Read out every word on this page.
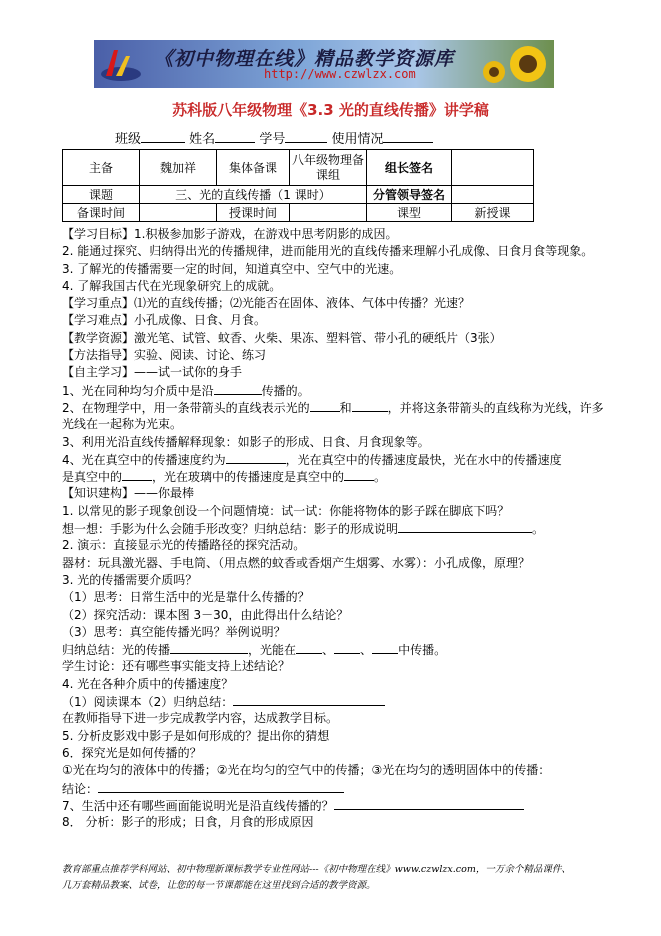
《初中物理在线》精品教学资源库
http://www.czwlzx.com
苏科版八年级物理《3.3 光的直线传播》讲学稿
班级	姓名	学号	使用情况
主备	魏加祥	集体备课	八年级物理备课组	组长签名	
课题	三、光的直线传播（1 课时）			分管领导签名	
备课时间		授课时间		课型	新授课
【学习目标】1.积极参加影子游戏，在游戏中思考阴影的成因。
2. 能通过探究、归纳得出光的传播规律，进而能用光的直线传播来理解小孔成像、日食月食等现象。
3. 了解光的传播需要一定的时间，知道真空中、空气中的光速。
4. 了解我国古代在光现象研究上的成就。
【学习重点】⑴光的直线传播；⑵光能否在固体、液体、气体中传播？光速？
【学习难点】小孔成像、日食、月食。
【教学资源】激光笔、试管、蚊香、火柴、果冻、塑料管、带小孔的硬纸片（3张）
【方法指导】实验、阅读、讨论、练习
【自主学习】——试一试你的身手
1、光在同种均匀介质中是沿	传播的。
2、在物理学中，用一条带箭头的直线表示光的	和	，并将这条带箭头的直线称为光线，许多
光线在一起称为光束。
3、利用光沿直线传播解释现象：如影子的形成、日食、月食现象等。
4、光在真空中的传播速度约为	，光在真空中的传播速度最快，光在水中的传播速度
是真空中的	，光在玻璃中的传播速度是真空中的	。
【知识建构】——你最棒
1. 以常见的影子现象创设一个问题情境：试一试：你能将物体的影子踩在脚底下吗？
想一想：手影为什么会随手形改变？归纳总结：影子的形成说明	。
2. 演示：直接显示光的传播路径的探究活动。
器材：玩具激光器、手电筒、（用点燃的蚊香或香烟产生烟雾、水雾）：小孔成像，原理？
3. 光的传播需要介质吗？
（1）思考：日常生活中的光是靠什么传播的？
（2）探究活动：课本图 3－30，由此得出什么结论？
（3）思考：真空能传播光吗？举例说明？
归纳总结：光的传播	，光能在 、 、 中传播。
学生讨论：还有哪些事实能支持上述结论？
4. 光在各种介质中的传播速度？
（1）阅读课本（2）归纳总结：
在教师指导下进一步完成教学内容，达成教学目标。
5. 分析皮影戏中影子是如何形成的？提出你的猜想
6．探究光是如何传播的？
①光在均匀的液体中的传播；②光在均匀的空气中的传播；③光在均匀的透明固体中的传播：
结论：
7、生活中还有哪些画面能说明光是沿直线传播的？
8． 分析：影子的形成；日食，月食的形成原因
教育部重点推荐学科网站、初中物理新课标教学专业性网站---《初中物理在线》www.czwlzx.com，一万余个精品课件、
几万套精品教案、试卷，让您的每一节课都能在这里找到合适的教学资源。
